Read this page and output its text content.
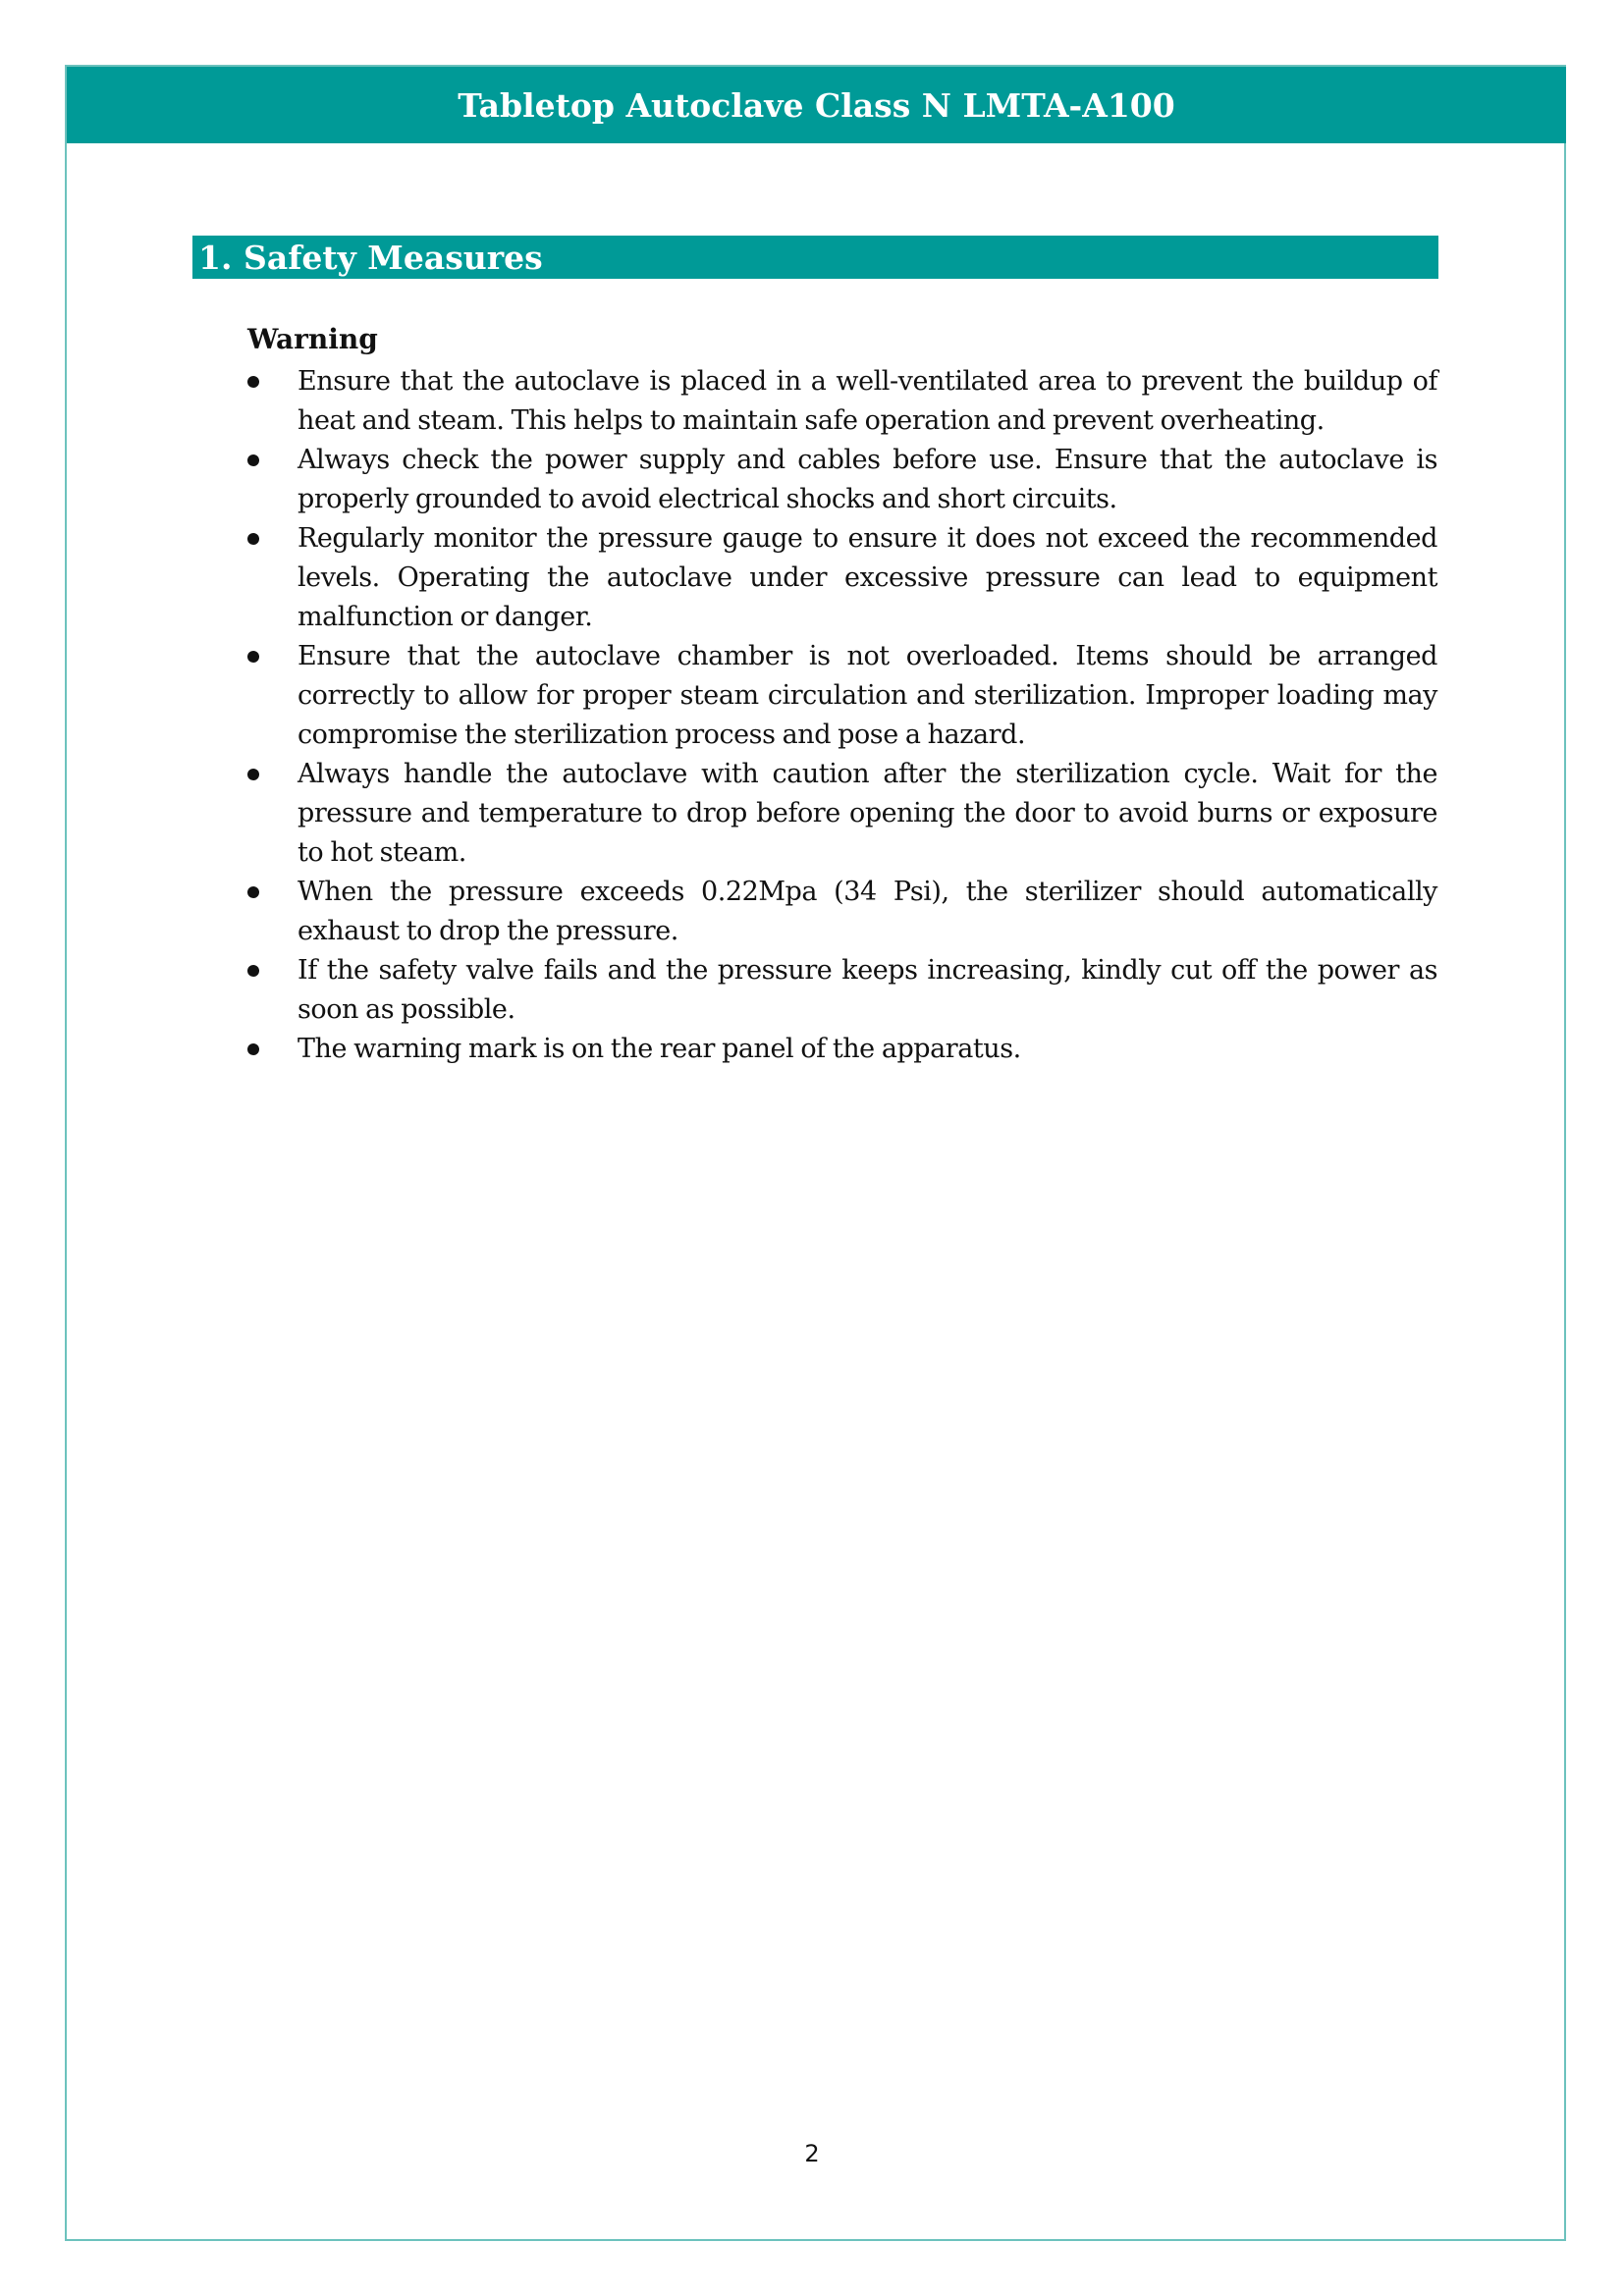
Tabletop Autoclave Class N LMTA-A100
1. Safety Measures
Warning
Ensure that the autoclave is placed in a well-ventilated area to prevent the buildup of heat and steam. This helps to maintain safe operation and prevent overheating.
Always check the power supply and cables before use. Ensure that the autoclave is properly grounded to avoid electrical shocks and short circuits.
Regularly monitor the pressure gauge to ensure it does not exceed the recommended levels. Operating the autoclave under excessive pressure can lead to equipment malfunction or danger.
Ensure that the autoclave chamber is not overloaded. Items should be arranged correctly to allow for proper steam circulation and sterilization. Improper loading may compromise the sterilization process and pose a hazard.
Always handle the autoclave with caution after the sterilization cycle. Wait for the pressure and temperature to drop before opening the door to avoid burns or exposure to hot steam.
When the pressure exceeds 0.22Mpa (34 Psi), the sterilizer should automatically exhaust to drop the pressure.
If the safety valve fails and the pressure keeps increasing, kindly cut off the power as soon as possible.
The warning mark is on the rear panel of the apparatus.
2
